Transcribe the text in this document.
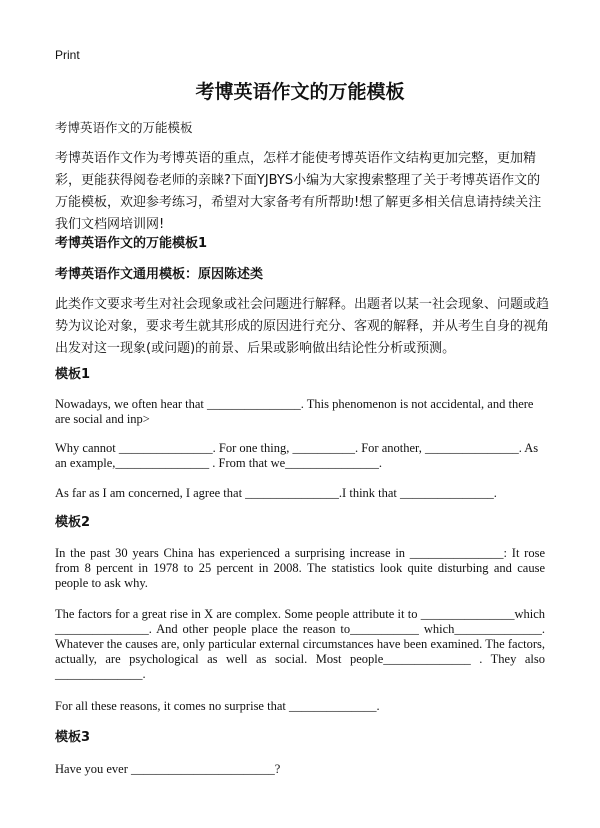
Print
考博英语作文的万能模板
考博英语作文的万能模板
考博英语作文作为考博英语的重点，怎样才能使考博英语作文结构更加完整，更加精彩，更能获得阅卷老师的亲睐?下面YJBYS小编为大家搜索整理了关于考博英语作文的万能模板，欢迎参考练习，希望对大家备考有所帮助!想了解更多相关信息请持续关注我们文档网培训网!
考博英语作文的万能模板1
考博英语作文通用模板：原因陈述类
此类作文要求考生对社会现象或社会问题进行解释。出题者以某一社会现象、问题或趋势为议论对象，要求考生就其形成的原因进行充分、客观的解释，并从考生自身的视角出发对这一现象(或问题)的前景、后果或影响做出结论性分析或预测。
模板1
Nowadays, we often hear that _______________. This phenomenon is not accidental, and there are social and inp>
Why cannot _______________. For one thing, __________. For another, _______________. As an example,_______________ . From that we_______________.
As far as I am concerned, I agree that _______________.I think that _______________.
模板2
In the past 30 years China has experienced a surprising increase in _______________: It rose from 8 percent in 1978 to 25 percent in 2008. The statistics look quite disturbing and cause people to ask why.
The factors for a great rise in X are complex. Some people attribute it to _______________which _______________. And other people place the reason to___________ which______________. Whatever the causes are, only particular external circumstances have been examined. The factors, actually, are psychological as well as social. Most people______________ . They also ______________.
For all these reasons, it comes no surprise that ______________.
模板3
Have you ever _______________________?
